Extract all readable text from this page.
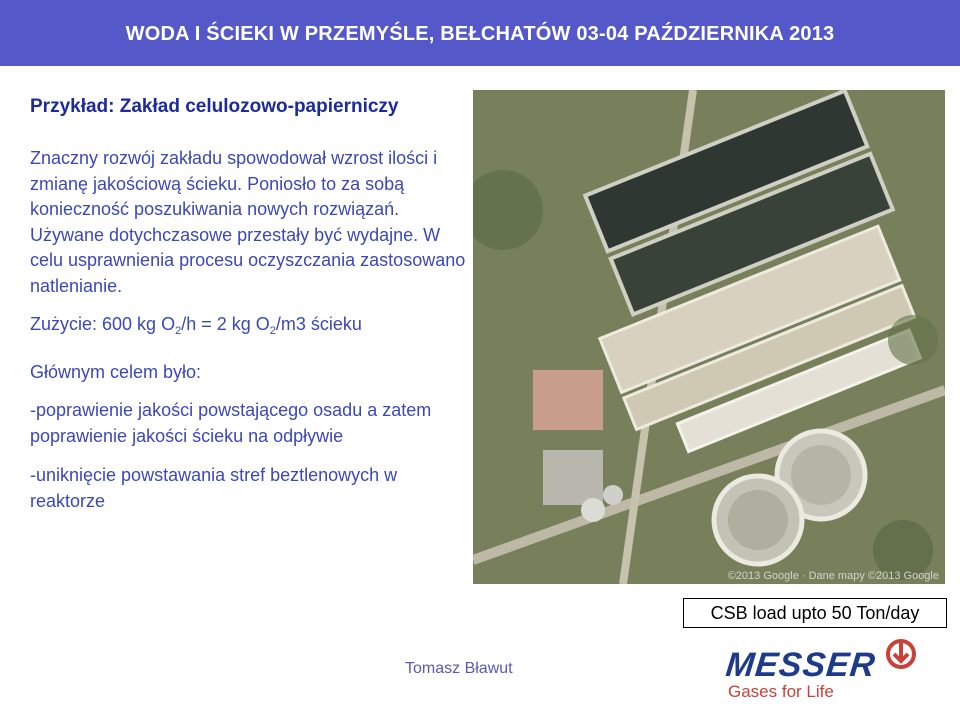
WODA I ŚCIEKI W PRZEMYŚLE, BEŁCHATÓW 03-04 PAŹDZIERNIKA 2013
Przykład: Zakład celulozowo-papierniczy
Znaczny rozwój zakładu spowodował wzrost ilości i zmianę jakościową ścieku. Poniosło to za sobą konieczność poszukiwania nowych rozwiązań. Używane dotychczasowe przestały być wydajne. W celu usprawnienia procesu oczyszczania zastosowano natlenianie.
Zużycie: 600 kg $O_2/h = 2$ kg $O_2/m3$ ścieku
Głównym celem było:
-poprawienie jakości powstającego osadu a zatem poprawienie jakości ścieku na odpływie
-uniknięcie powstawania stref beztlenowych w reaktorze
©2013 Google · Dane mapy ©2013 Google
CSB load upto 50 Ton/day
Tomasz Bławut	MESSER
Gases for Life
